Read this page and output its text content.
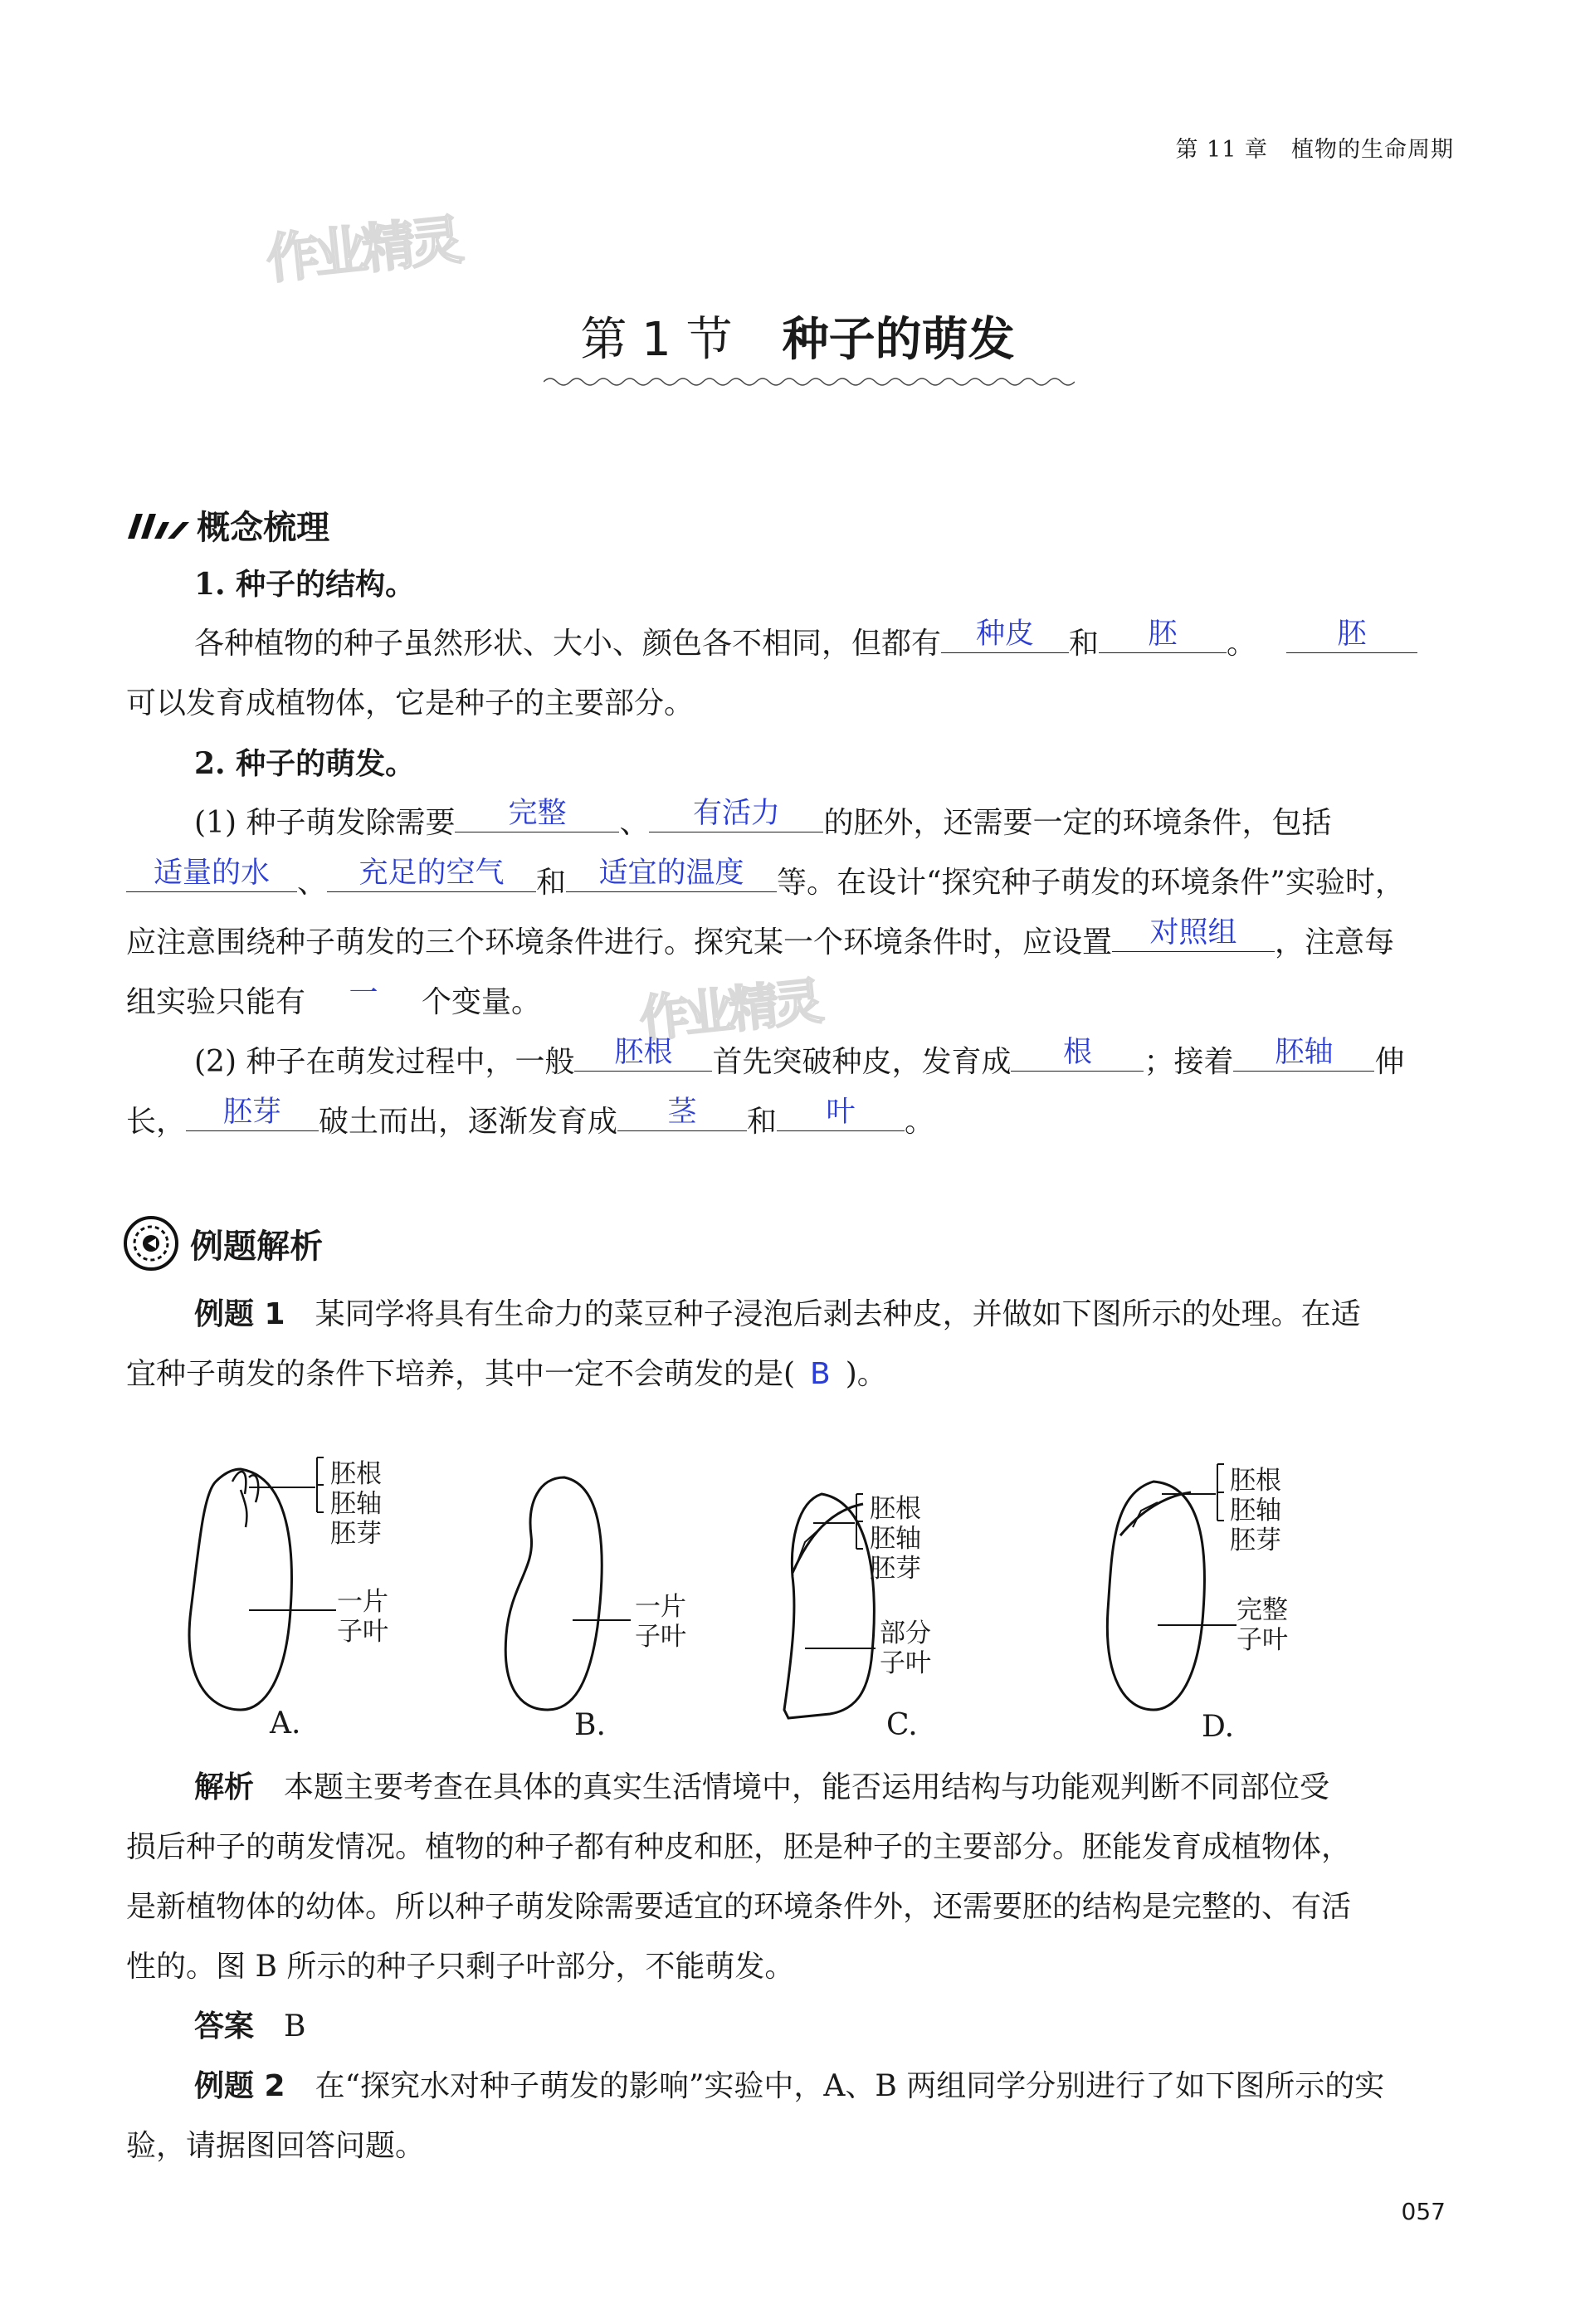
第 11 章　植物的生命周期
作业精灵
作业精灵
第 1 节 种子的萌发
概念梳理
1. 种子的结构。
各种植物的种子虽然形状、大小、颜色各不相同，但都有	种皮	和	胚	。 	胚
可以发育成植物体，它是种子的主要部分。
2. 种子的萌发。
(1) 种子萌发除需要	完整	、	有活力	的胚外，还需要一定的环境条件，包括
适量的水 、	充足的空气	和	适宜的温度	等。在设计“探究种子萌发的环境条件”实验时，
应注意围绕种子萌发的三个环境条件进行。探究某一个环境条件时，应设置	对照组	，注意每
组实验只能有	一	个变量。
(2) 种子在萌发过程中，一般	胚根	首先突破种皮，发育成	根	；接着	胚轴	伸
长，	胚芽	破土而出，逐渐发育成	茎	和	叶	。
例题解析
例题 1  某同学将具有生命力的菜豆种子浸泡后剥去种皮，并做如下图所示的处理。在适
宜种子萌发的条件下培养，其中一定不会萌发的是(  B  )。
胚根
胚轴
胚芽
一片
子叶
A.
一片
子叶
B.
胚根
胚轴
胚芽
部分
子叶
C.
胚根
胚轴
胚芽
完整
子叶
D.
解析  本题主要考查在具体的真实生活情境中，能否运用结构与功能观判断不同部位受
损后种子的萌发情况。植物的种子都有种皮和胚，胚是种子的主要部分。胚能发育成植物体，
是新植物体的幼体。所以种子萌发除需要适宜的环境条件外，还需要胚的结构是完整的、有活
性的。图 B 所示的种子只剩子叶部分，不能萌发。
答案  B
例题 2  在“探究水对种子萌发的影响”实验中，A、B 两组同学分别进行了如下图所示的实
验，请据图回答问题。
057
